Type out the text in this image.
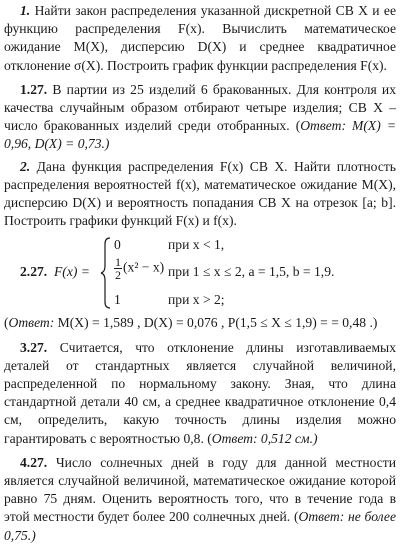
1. Найти закон распределения указанной дискретной СВ X и ее функцию распределения F(x). Вычислить математическое ожидание M(X), дисперсию D(X) и среднее квадратичное отклонение σ(X). Построить график функции распределения F(x).

1.27. В партии из 25 изделий 6 бракованных. Для контроля их качества случайным образом отбирают четыре изделия; СВ X – число бракованных изделий среди отобранных. (Ответ: M(X) = 0,96, D(X) = 0,73.)

2. Дана функция распределения F(x) СВ X. Найти плотность распределения вероятностей f(x), математическое ожидание M(X), дисперсию D(X) и вероятность попадания СВ X на отрезок [a; b]. Построить графики функций F(x) и f(x).

2.27. F(x) =
0	при x < 1,
$\frac{1}{2} (x^2 - x)$ при 1 ≤ x ≤ 2, a = 1,5, b = 1,9.
1	при x > 2;

(Ответ: M(X) = 1,589 , D(X) = 0,076 , P(1,5 ≤ X ≤ 1,9) = = 0,48 .)

3.27. Считается, что отклонение длины изготавливаемых деталей от стандартных является случайной величиной, распределенной по нормальному закону. Зная, что длина стандартной детали 40 см, а среднее квадратичное отклонение 0,4 см, определить, какую точность длины изделия можно гарантировать с вероятностью 0,8. (Ответ: 0,512 см.)

4.27. Число солнечных дней в году для данной местности является случайной величиной, математическое ожидание которой равно 75 дням. Оценить вероятность того, что в течение года в этой местности будет более 200 солнечных дней. (Ответ: не более 0,75.)
